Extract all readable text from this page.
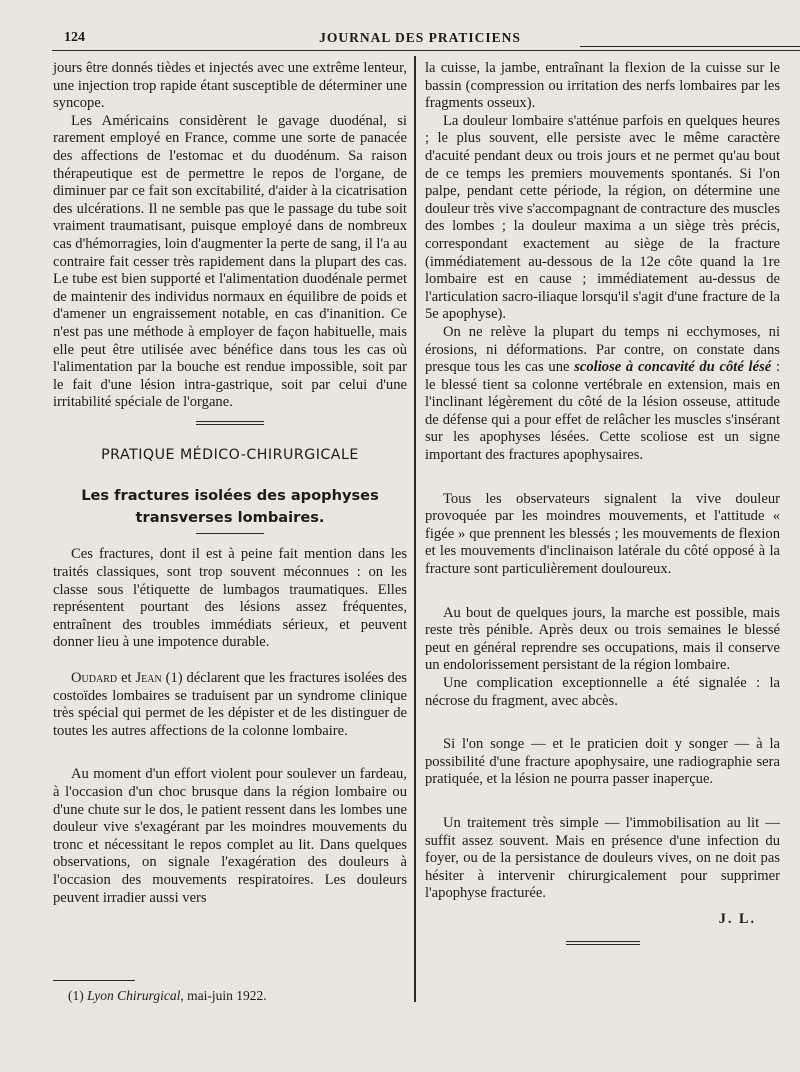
124	JOURNAL DES PRATICIENS

jours être donnés tièdes et injectés avec une extrême lenteur, une injection trop rapide étant susceptible de déterminer une syncope.

Les Américains considèrent le gavage duodénal, si rarement employé en France, comme une sorte de panacée des affections de l'estomac et du duodénum. Sa raison thérapeutique est de permettre le repos de l'organe, de diminuer par ce fait son excitabilité, d'aider à la cicatrisation des ulcérations. Il ne semble pas que le passage du tube soit vraiment traumatisant, puisque employé dans de nombreux cas d'hémorragies, loin d'augmenter la perte de sang, il l'a au contraire fait cesser très rapidement dans la plupart des cas. Le tube est bien supporté et l'alimentation duodénale permet de maintenir des individus normaux en équilibre de poids et d'amener un engraissement notable, en cas d'inanition. Ce n'est pas une méthode à employer de façon habituelle, mais elle peut être utilisée avec bénéfice dans tous les cas où l'alimentation par la bouche est rendue impossible, soit par le fait d'une lésion intra-gastrique, soit par celui d'une irritabilité spéciale de l'organe.

PRATIQUE MÉDICO-CHIRURGICALE
Les fractures isolées des apophyses
transverses lombaires.

Ces fractures, dont il est à peine fait mention dans les traités classiques, sont trop souvent méconnues : on les classe sous l'étiquette de lumbagos traumatiques. Elles représentent pourtant des lésions assez fréquentes, entraînent des troubles immédiats sérieux, et peuvent donner lieu à une impotence durable.

Oudard et Jean (1) déclarent que les fractures isolées des costoïdes lombaires se traduisent par un syndrome clinique très spécial qui permet de les dépister et de les distinguer de toutes les autres affections de la colonne lombaire.

Au moment d'un effort violent pour soulever un fardeau, à l'occasion d'un choc brusque dans la région lombaire ou d'une chute sur le dos, le patient ressent dans les lombes une douleur vive s'exagérant par les moindres mouvements du tronc et nécessitant le repos complet au lit. Dans quelques observations, on signale l'exagération des douleurs à l'occasion des mouvements respiratoires. Les douleurs peuvent irradier aussi vers

la cuisse, la jambe, entraînant la flexion de la cuisse sur le bassin (compression ou irritation des nerfs lombaires par les fragments osseux).

La douleur lombaire s'atténue parfois en quelques heures ; le plus souvent, elle persiste avec le même caractère d'acuité pendant deux ou trois jours et ne permet qu'au bout de ce temps les premiers mouvements spontanés. Si l'on palpe, pendant cette période, la région, on détermine une douleur très vive s'accompagnant de contracture des muscles des lombes ; la douleur maxima a un siège très précis, correspondant exactement au siège de la fracture (immédiatement au-dessous de la 12e côte quand la 1re lombaire est en cause ; immédiatement au-dessus de l'articulation sacro-iliaque lorsqu'il s'agit d'une fracture de la 5e apophyse).

On ne relève la plupart du temps ni ecchymoses, ni érosions, ni déformations. Par contre, on constate dans presque tous les cas une scoliose à concavité du côté lésé : le blessé tient sa colonne vertébrale en extension, mais en l'inclinant légèrement du côté de la lésion osseuse, attitude de défense qui a pour effet de relâcher les muscles s'insérant sur les apophyses lésées. Cette scoliose est un signe important des fractures apophysaires.

Tous les observateurs signalent la vive douleur provoquée par les moindres mouvements, et l'attitude « figée » que prennent les blessés ; les mouvements de flexion et les mouvements d'inclinaison latérale du côté opposé à la fracture sont particulièrement douloureux.

Au bout de quelques jours, la marche est possible, mais reste très pénible. Après deux ou trois semaines le blessé peut en général reprendre ses occupations, mais il conserve un endolorissement persistant de la région lombaire.

Une complication exceptionnelle a été signalée : la nécrose du fragment, avec abcès.

Si l'on songe — et le praticien doit y songer — à la possibilité d'une fracture apophysaire, une radiographie sera pratiquée, et la lésion ne pourra passer inaperçue.

Un traitement très simple — l'immobilisation au lit — suffit assez souvent. Mais en présence d'une infection du foyer, ou de la persistance de douleurs vives, on ne doit pas hésiter à intervenir chirurgicalement pour supprimer l'apophyse fracturée.

J. L.
(1) Lyon Chirurgical, mai-juin 1922.
